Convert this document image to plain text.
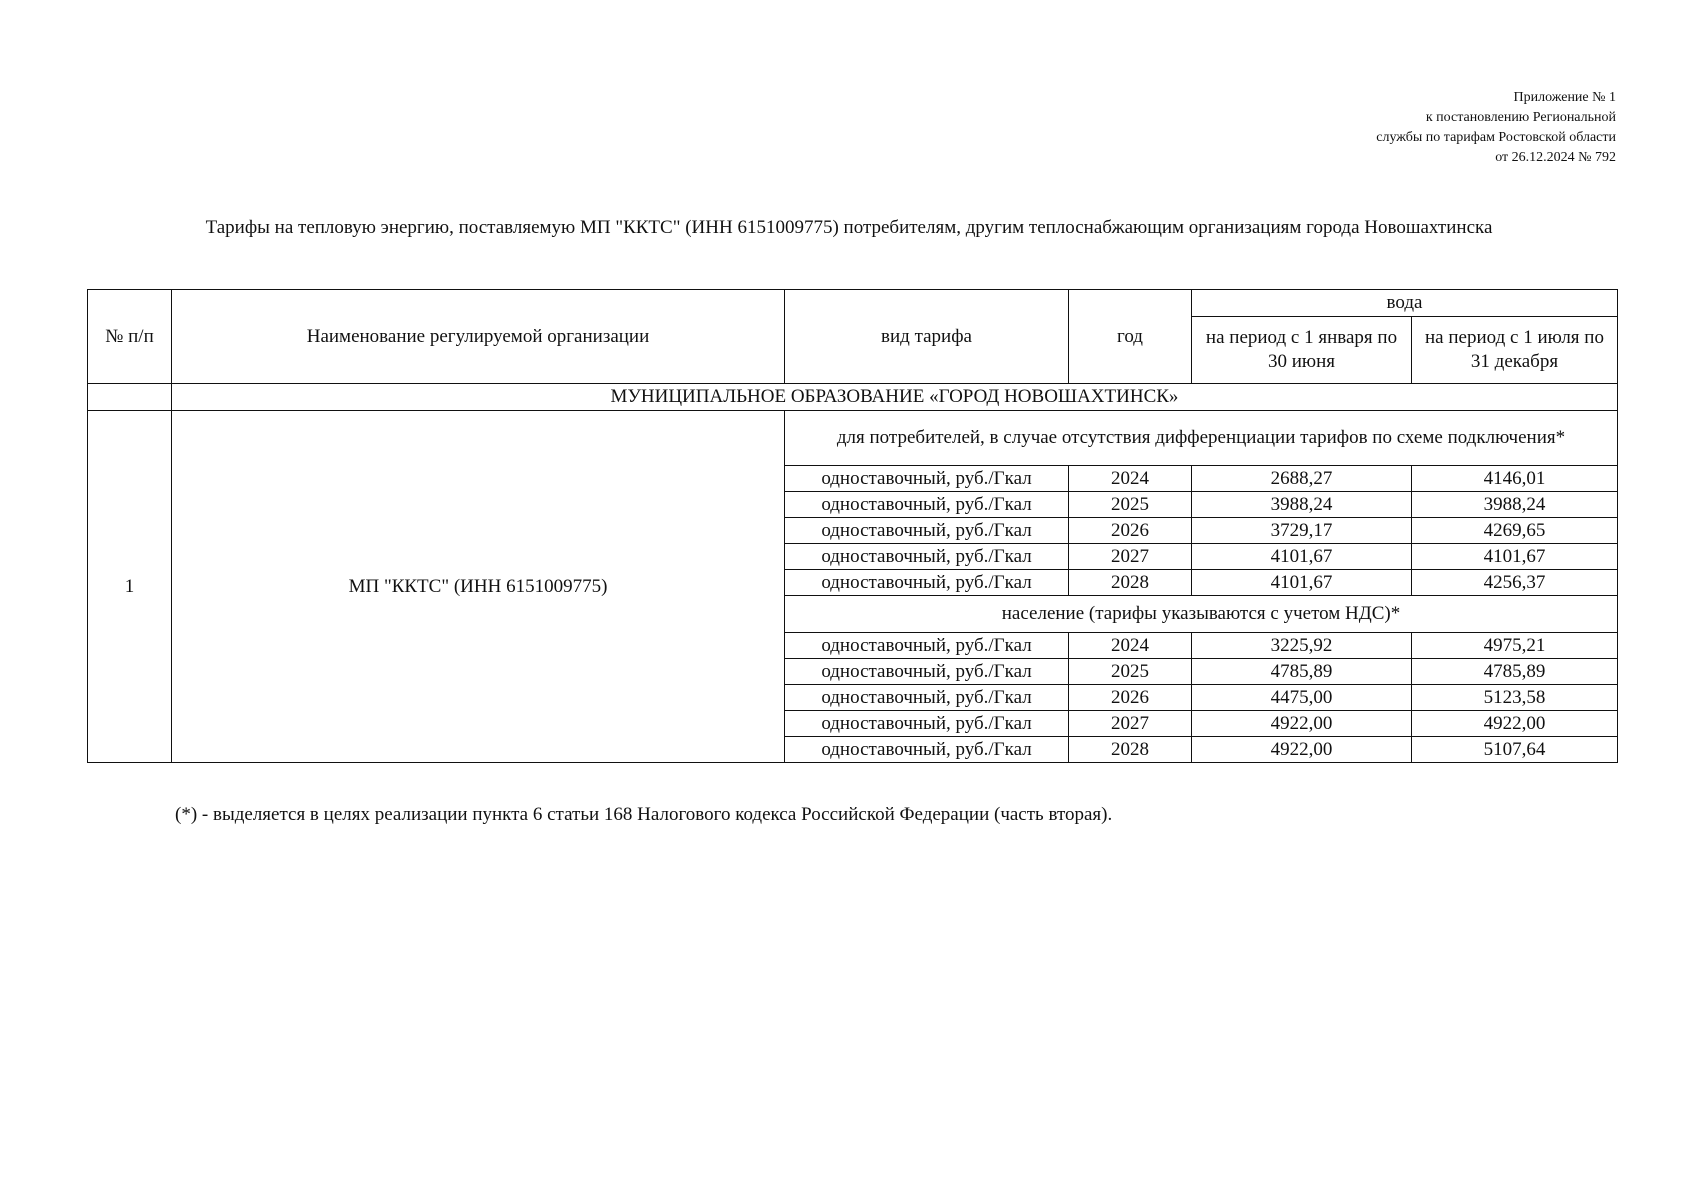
Приложение № 1
к постановлению Региональной
службы по тарифам Ростовской области
от 26.12.2024 № 792
Тарифы на тепловую энергию, поставляемую МП "ККТС" (ИНН 6151009775) потребителям, другим теплоснабжающим организациям города Новошахтинска
№ п/п	Наименование регулируемой организации	вид тарифа	год	вода	
				на период с 1 января по 30 июня	на период с 1 июля по 31 декабря
	МУНИЦИПАЛЬНОЕ ОБРАЗОВАНИЕ «ГОРОД НОВОШАХТИНСК»				
1	МП "ККТС" (ИНН 6151009775)	для потребителей, в случае отсутствия дифференциации тарифов по схеме подключения*			
		одноставочный, руб./Гкал	2024	2688,27	4146,01
		одноставочный, руб./Гкал	2025	3988,24	3988,24
		одноставочный, руб./Гкал	2026	3729,17	4269,65
		одноставочный, руб./Гкал	2027	4101,67	4101,67
		одноставочный, руб./Гкал	2028	4101,67	4256,37
		население (тарифы указываются с учетом НДС)*			
		одноставочный, руб./Гкал	2024	3225,92	4975,21
		одноставочный, руб./Гкал	2025	4785,89	4785,89
		одноставочный, руб./Гкал	2026	4475,00	5123,58
		одноставочный, руб./Гкал	2027	4922,00	4922,00
		одноставочный, руб./Гкал	2028	4922,00	5107,64
(*) - выделяется в целях реализации пункта 6 статьи 168 Налогового кодекса Российской Федерации (часть вторая).
